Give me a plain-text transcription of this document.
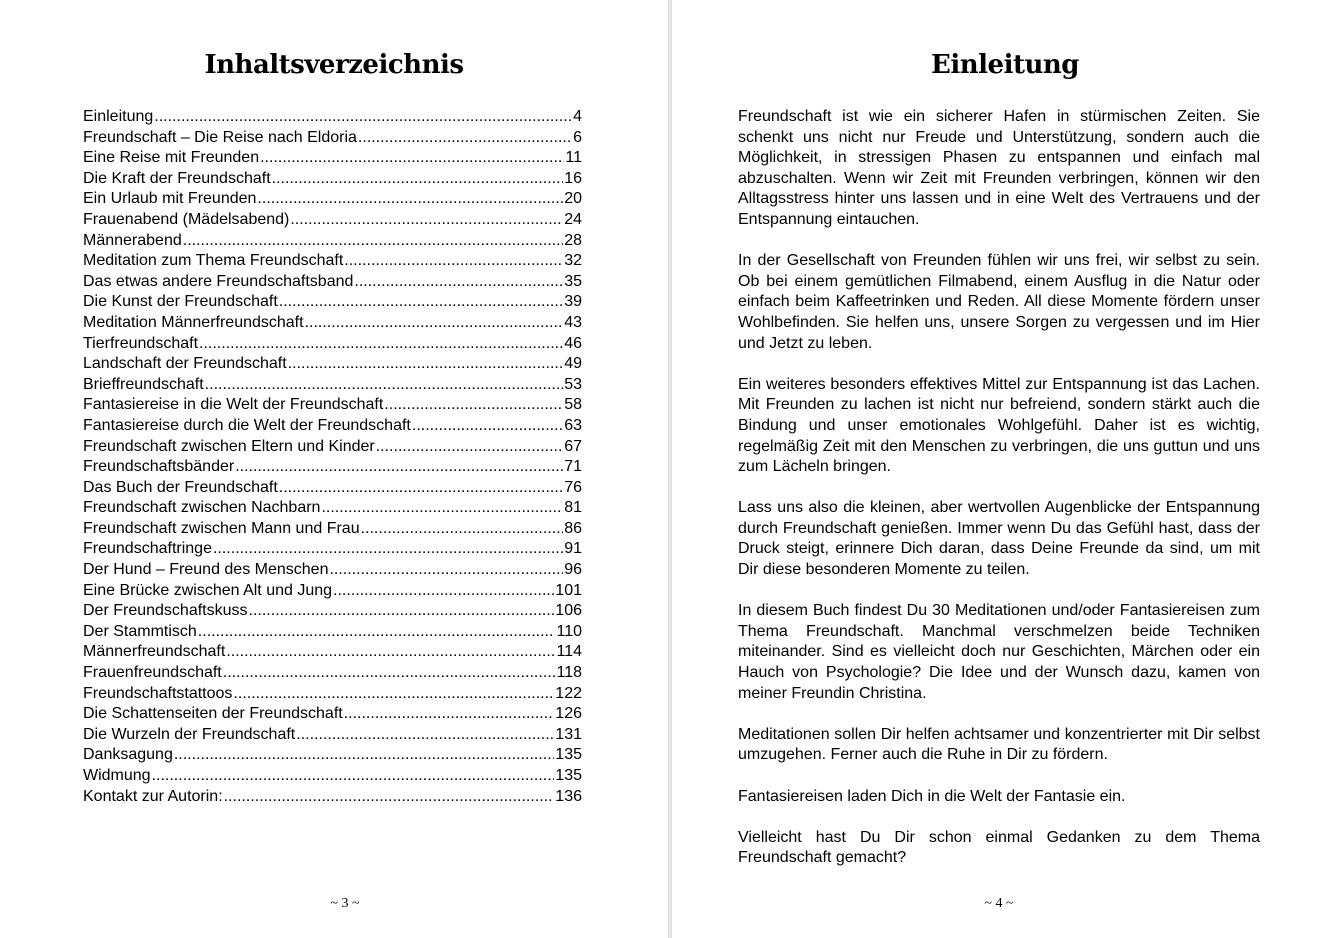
Inhaltsverzeichnis
Einleitung .....	4
Freundschaft – Die Reise nach Eldoria .....	6
Eine Reise mit Freunden .....	11
Die Kraft der Freundschaft .....	16
Ein Urlaub mit Freunden .....	20
Frauenabend (Mädelsabend) .....	24
Männerabend .....	28
Meditation zum Thema Freundschaft .....	32
Das etwas andere Freundschaftsband .....	35
Die Kunst der Freundschaft .....	39
Meditation Männerfreundschaft .....	43
Tierfreundschaft .....	46
Landschaft der Freundschaft .....	49
Brieffreundschaft .....	53
Fantasiereise in die Welt der Freundschaft .....	58
Fantasiereise durch die Welt der Freundschaft .....	63
Freundschaft zwischen Eltern und Kinder .....	67
Freundschaftsbänder .....	71
Das Buch der Freundschaft .....	76
Freundschaft zwischen Nachbarn .....	81
Freundschaft zwischen Mann und Frau .....	86
Freundschaftringe .....	91
Der Hund – Freund des Menschen .....	96
Eine Brücke zwischen Alt und Jung .....	101
Der Freundschaftskuss .....	106
Der Stammtisch .....	110
Männerfreundschaft .....	114
Frauenfreundschaft .....	118
Freundschaftstattoos .....	122
Die Schattenseiten der Freundschaft .....	126
Die Wurzeln der Freundschaft .....	131
Danksagung .....	135
Widmung .....	135
Kontakt zur Autorin: .....	136

~ 3 ~

Einleitung

~ 4 ~

Freundschaft ist wie ein sicherer Hafen in stürmischen Zeiten. Sie schenkt uns nicht nur Freude und Unterstützung, sondern auch die Möglichkeit, in stressigen Phasen zu entspannen und einfach mal abzuschalten. Wenn wir Zeit mit Freunden verbringen, können wir den Alltagsstress hinter uns lassen und in eine Welt des Vertrauens und der Entspannung eintauchen.

In der Gesellschaft von Freunden fühlen wir uns frei, wir selbst zu sein. Ob bei einem gemütlichen Filmabend, einem Ausflug in die Natur oder einfach beim Kaffeetrinken und Reden. All diese Momente fördern unser Wohlbefinden. Sie helfen uns, unsere Sorgen zu vergessen und im Hier und Jetzt zu leben.

Ein weiteres besonders effektives Mittel zur Entspannung ist das Lachen. Mit Freunden zu lachen ist nicht nur befreiend, sondern stärkt auch die Bindung und unser emotionales Wohlgefühl. Daher ist es wichtig, regelmäßig Zeit mit den Menschen zu verbringen, die uns guttun und uns zum Lächeln bringen.

Lass uns also die kleinen, aber wertvollen Augenblicke der Entspannung durch Freundschaft genießen. Immer wenn Du das Gefühl hast, dass der Druck steigt, erinnere Dich daran, dass Deine Freunde da sind, um mit Dir diese besonderen Momente zu teilen.

In diesem Buch findest Du 30 Meditationen und/oder Fantasiereisen zum Thema Freundschaft. Manchmal verschmelzen beide Techniken miteinander. Sind es vielleicht doch nur Geschichten, Märchen oder ein Hauch von Psychologie? Die Idee und der Wunsch dazu, kamen von meiner Freundin Christina.

Meditationen sollen Dir helfen achtsamer und konzentrierter mit Dir selbst umzugehen. Ferner auch die Ruhe in Dir zu fördern.

Fantasiereisen laden Dich in die Welt der Fantasie ein.

Vielleicht hast Du Dir schon einmal Gedanken zu dem Thema Freundschaft gemacht?
